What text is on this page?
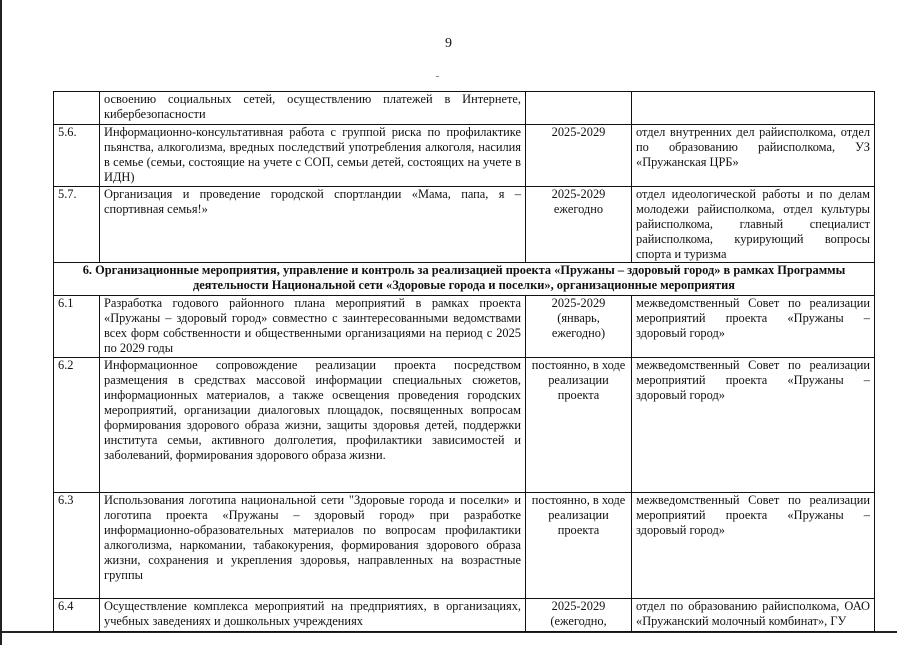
9
	освоению социальных сетей, осуществлению платежей в Интернете, кибербезопасности		
5.6.	Информационно-консультативная работа с группой риска по профилактике пьянства, алкоголизма, вредных последствий употребления алкоголя, насилия в семье (семьи, состоящие на учете с СОП, семьи детей, состоящих на учете в ИДН)	2025-2029	отдел внутренних дел райисполкома, отдел по образованию райисполкома, УЗ «Пружанская ЦРБ»
5.7.	Организация и проведение городской спортландии «Мама, папа, я – спортивная семья!»	2025-2029 ежегодно	отдел идеологической работы и по делам молодежи райисполкома, отдел культуры райисполкома, главный специалист райисполкома, курирующий вопросы спорта и туризма
6. Организационные мероприятия, управление и контроль за реализацией проекта «Пружаны – здоровый город» в рамках Программы деятельности Национальной сети «Здоровые города и поселки», организационные мероприятия			
6.1	Разработка годового районного плана мероприятий в рамках проекта «Пружаны – здоровый город» совместно с заинтересованными ведомствами всех форм собственности и общественными организациями на период с 2025 по 2029 годы	2025-2029 (январь, ежегодно)	межведомственный Совет по реализации мероприятий проекта «Пружаны – здоровый город»
6.2	Информационное сопровождение реализации проекта посредством размещения в средствах массовой информации специальных сюжетов, информационных материалов, а также освещения проведения городских мероприятий, организации диалоговых площадок, посвященных вопросам формирования здорового образа жизни, защиты здоровья детей, поддержки института семьи, активного долголетия, профилактики зависимостей и заболеваний, формирования здорового образа жизни.	постоянно, в ходе реализации проекта	межведомственный Совет по реализации мероприятий проекта «Пружаны – здоровый город»
6.3	Использования логотипа национальной сети "Здоровые города и поселки» и логотипа проекта «Пружаны – здоровый город» при разработке информационно-образовательных материалов по вопросам профилактики алкоголизма, наркомании, табакокурения, формирования здорового образа жизни, сохранения и укрепления здоровья, направленных на возрастные группы	постоянно, в ходе реализации проекта	межведомственный Совет по реализации мероприятий проекта «Пружаны – здоровый город»
6.4	Осуществление комплекса мероприятий на предприятиях, в организациях, учебных заведениях и дошкольных учреждениях	2025-2029 (ежегодно,	отдел по образованию райисполкома, ОАО «Пружанский молочный комбинат», ГУ
